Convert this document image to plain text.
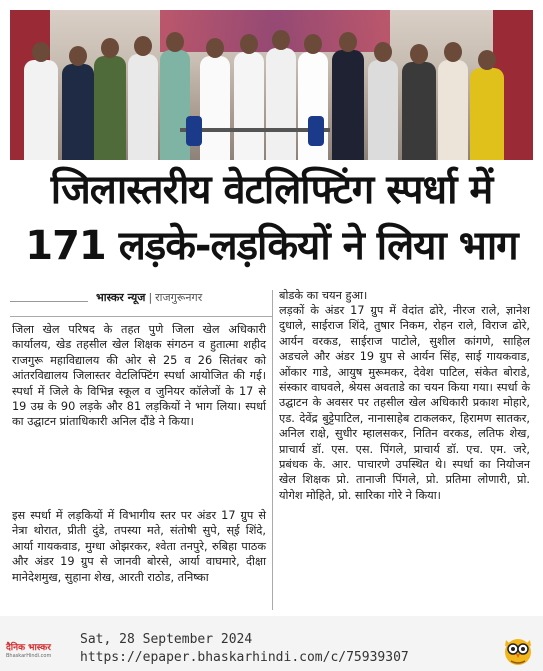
जिलास्तरीय वेटलिफ्टिंग स्पर्धा में
171 लड़के-लड़कियों ने लिया भाग
भास्कर न्यूज | राजगुरूनगर
जिला खेल परिषद के तहत पुणे जिला खेल अधिकारी कार्यालय, खेड तहसील खेल शिक्षक संगठन व हुतात्मा शहीद राजगुरू महाविद्यालय की ओर से 25 व 26 सितंबर को आंतरविद्यालय जिलास्तर वेटलिफ्टिंग स्पर्धा आयोजित की गई। स्पर्धा में जिले के विभिन्न स्कूल व जुनियर कॉलेजों के 17 से 19 उम्र के 90 लड़के और 81 लड़कियों ने भाग लिया। स्पर्धा का उद्घाटन प्रांताधिकारी अनिल दौंडे ने किया।
इस स्पर्धा में लड़कियों में विभागीय स्तर पर अंडर 17 ग्रुप से नेत्रा थोरात, प्रीती दुंडे, तपस्या मते, संतोषी सुपे, स्ई शिंदे, आर्या गायकवाड, मुग्धा ओझरकर, श्वेता तनपुरे, रुबिहा पाठक और अंडर 19 ग्रुप से जानवी बोरसे, आर्या वाघमारे, दीक्षा मानेदेशमुख, सुहाना शेख, आरती राठोड, तनिष्का
बोडके का चयन हुआ।
लड़कों के अंडर 17 ग्रुप में वेदांत ढोरे, नीरज राले, ज्ञानेश दुधाले, साईराज शिंदे, तुषार निकम, रोहन राले, विराज ढोरे, आर्यन वरकड, साईराज पाटोले, सुशील कांगणे, साहिल अडचले और अंडर 19 ग्रुप से आर्यन सिंह, साई गायकवाड, ओंकार गाडे, आयुष मुरूमकर, देवेश पाटिल, संकेत बोराडे, संस्कार वाघवले, श्रेयस अवताडे का चयन किया गया। स्पर्धा के उद्घाटन के अवसर पर तहसील खेल अधिकारी प्रकाश मोहारे, एड. देवेंद्र बुट्टेपाटिल, नानासाहेब टाकलकर, हिरामण सातकर, अनिल राक्षे, सुधीर म्हालसकर, नितिन वरकड, लतिफ शेख, प्राचार्य डॉ. एस. एस. पिंगले, प्राचार्य डॉ. एच. एम. जरे, प्रबंधक के. आर. पाचारणे उपस्थित थे। स्पर्धा का नियोजन खेल शिक्षक प्रो. तानाजी पिंगले, प्रो. प्रतिमा लोणारी, प्रो. योगेश मोहिते, प्रो. सारिका गोरे ने किया।
दैनिक भास्कर
BhaskarHindi.com
Sat, 28 September 2024
https://epaper.bhaskarhindi.com/c/75939307
